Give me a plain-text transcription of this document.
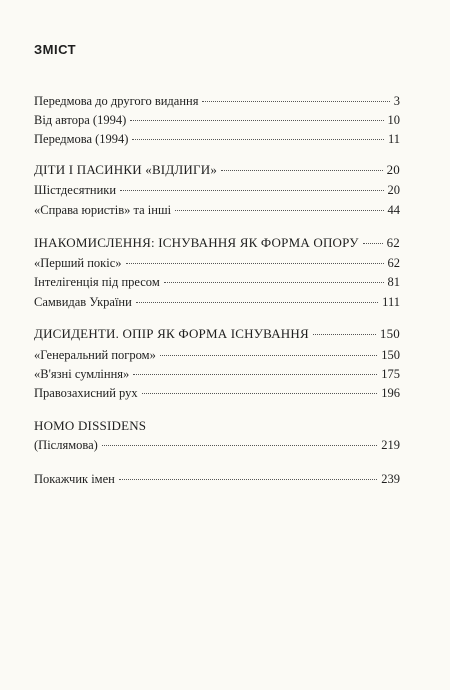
ЗМІСТ
Передмова до другого видання	3
Від автора (1994)	10
Передмова (1994)	11
ДІТИ І ПАСИНКИ «ВІДЛИГИ»	20
Шістдесятники	20
«Справа юристів» та інші	44
ІНАКОМИСЛЕННЯ: ІСНУВАННЯ ЯК ФОРМА ОПОРУ 62
«Перший покіс»	62
Інтелігенція під пресом	81
Самвидав України	111
ДИСИДЕНТИ. ОПІР ЯК ФОРМА ІСНУВАННЯ	150
«Генеральний погром»	150
«В'язні сумління»	175
Правозахисний рух	196
HOMO DISSIDENS
(Післямова)	219
Покажчик імен	239
